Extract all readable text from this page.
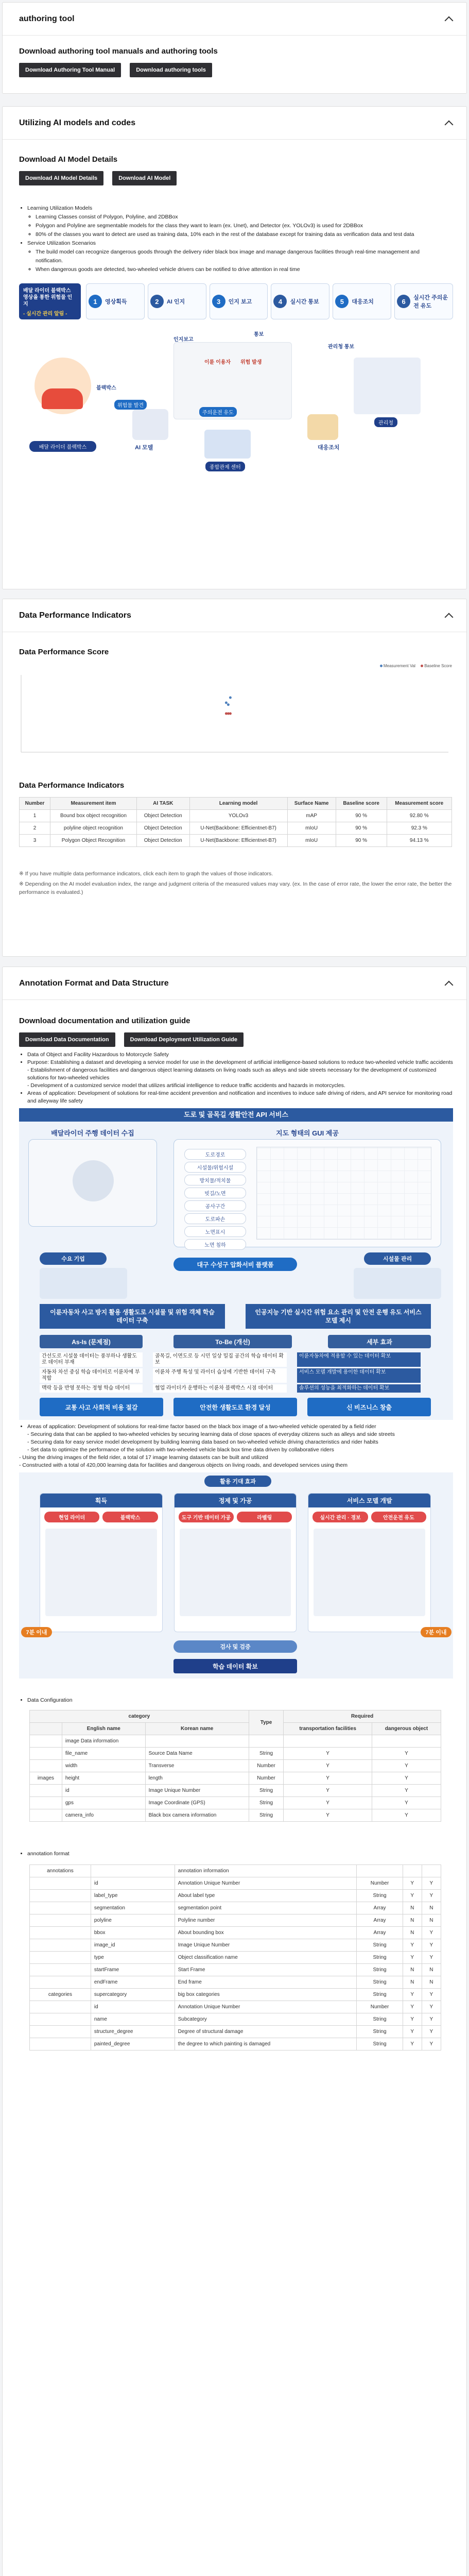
authoring tool
Download authoring tool manuals and authoring tools
Download Authoring Tool Manual	Download authoring tools
Utilizing AI models and codes
Download AI Model Details
Download AI Model Details	Download AI Model
• Learning Utilization Models
◦ Learning Classes consist of Polygon, Polyline, and 2DBBox
◦ Polygon and Polyline are segmentable models for the class they want to learn (ex. Unet), and Detector (ex. YOLOv3) is used for 2DBBox
◦ 80% of the classes you want to detect are used as training data, 10% each in the rest of the database except for training data as verification data and test data
• Service Utilization Scenarios
◦ The build model can recognize dangerous goods through the delivery rider black box image and manage dangerous facilities through real-time management and notification.
◦ When dangerous goods are detected, two-wheeled vehicle drivers can be notified to drive attention in real time
배달 라이더 블랙박스 영상을 통한 위험물 인지
- 실시간 관리 알림 -
1	영상획득	2	AI 인지	3	인지 보고	4	실시간 통보	5	대응조치	6	실시간 주의운전 유도
배달 라이더 블랙박스
블랙박스
AI 모델
위험물 발견
인지보고
이륜 이용자 위험 발생
주의운전 유도
종합관제 센터
통보
관리청 통보
관리청
대응조치
Data Performance Indicators
Data Performance Score
Measurement Val	Baseline Score
Data Performance Indicators
Number	Measurement item	AI TASK	Learning model	Surface Name	Baseline score	Measurement score
1	Bound box object recognition	Object Detection	YOLOv3	mAP	90 %	92.80 %
2	polyline object recognition	Object Detection	U-Net(Backbone: Efficientnet-B7)	mIoU	90 %	92.3 %
3	Polygon Object Recognition	Object Detection	U-Net(Backbone: Efficientnet-B7)	mIoU	90 %	94.13 %
※ If you have multiple data performance indicators, click each item to graph the values of those indicators.
※ Depending on the AI model evaluation index, the range and judgment criteria of the measured values may vary. (ex. In the case of error rate, the lower the error rate, the better the performance is evaluated.)
Annotation Format and Data Structure
Download documentation and utilization guide
Download Data Documentation	Download Deployment Utilization Guide
• Data of Object and Facility Hazardous to Motorcycle Safety
• Purpose: Establishing a dataset and developing a service model for use in the development of artificial intelligence-based solutions to reduce two-wheeled vehicle traffic accidents
- Establishment of dangerous facilities and dangerous object learning datasets on living roads such as alleys and side streets necessary for the development of customized solutions for two-wheeled vehicles
- Development of a customized service model that utilizes artificial intelligence to reduce traffic accidents and hazards in motorcycles.
• Areas of application: Development of solutions for real-time accident prevention and notification and incentives to induce safe driving of riders, and API service for monitoring road and alleyway life safety
도로 및 골목길 생활안전 API 서비스
배달라이더 주행 데이터 수집	지도 형태의 GUI 제공
도로경로
시설물/위험시설
방치물/적치물
빗길/노면
공사구간
도로파손
노면표시
노면 침하
수요 기업
대구 수성구 압화서비 플랫폼
시설물 관리
이륜자동차 사고 방지 활용 생활도로 시설물 및 위험 객체 학습 데이터 구축
인공지능 기반 실시간 위험 요소 관리 및 안전 운행 유도 서비스 모델 제시
As-Is (문제점)	To-Be (개선)	세부 효과
간선도로 시설물 데이터는 풍부하나 생활도로 데이터 부재
골목길, 이면도로 등 시민 일상 밀집 공간의 학습 데이터 확보
이륜자동차에 적용할 수 있는 데이터 확보
자동차 차선 중심 학습 데이터로 이륜차에 부적합
이륜차 주행 특성 및 라이더 습성에 기반한 데이터 구축	서비스 모델 개발에 용이한 데이터 확보
맥락 등을 반영 못하는 정형 학습 데이터	협업 라이더가 운행하는 이륜차 블랙박스 시점 데이터	솔루션의 성능을 최적화하는 데이터 확보
교통 사고 사회적 비용 절감	안전한 생활도로 환경 달성	신 비즈니스 창출
• Areas of application: Development of solutions for real-time factor based on the black box image of a two-wheeled vehicle operated by a field rider
- Securing data that can be applied to two-wheeled vehicles by securing learning data of close spaces of everyday citizens such as alleys and side streets
- Securing data for easy service model development by building learning data based on two-wheeled vehicle driving characteristics and rider habits
- Set data to optimize the performance of the solution with two-wheeled vehicle black box time data driven by collaborative riders
- Using the driving images of the field rider, a total of 17 image learning datasets can be built and utilized
- Constructed with a total of 420,000 learning data for facilities and dangerous objects on living roads, and developed services using them
활용 기대 효과
획득
현업 라이더	블랙박스
정제 및 가공
도구 기반 데이터 가공	라벨링
서비스 모델 개발
실시간 관리 · 경보	안전운전 유도
7분 이내	7분 이내
검사 및 검증
학습 데이터 확보
• Data Configuration
category			Type	Required	
	English name	Korean name		transportation facilities	dangerous object
	image Data information				
	file_name	Source Data Name	String	Y	Y
	width	Transverse	Number	Y	Y
images	height	length	Number	Y	Y
	id	Image Unique Number	String	Y	Y
	gps	Image Coordinate (GPS)	String	Y	Y
	camera_info	Black box camera information	String	Y	Y
• annotation format
annotations		annotation information			
	id	Annotation Unique Number	Number	Y	Y
	label_type	About label type	String	Y	Y
	segmentation	segmentation point	Array	N	N
	polyline	Polyline number	Array	N	N
	bbox	About bounding box	Array	N	Y
	image_id	Image Unique Number	String	Y	Y
	type	Object classification name	String	Y	Y
	startFrame	Start Frame	String	N	N
	endFrame	End frame	String	N	N
categories	supercategory	big box categories	String	Y	Y
	id	Annotation Unique Number	Number	Y	Y
	name	Subcategory	String	Y	Y
	structure_degree	Degree of structural damage	String	Y	Y
	painted_degree	the degree to which painting is damaged	String	Y	Y
